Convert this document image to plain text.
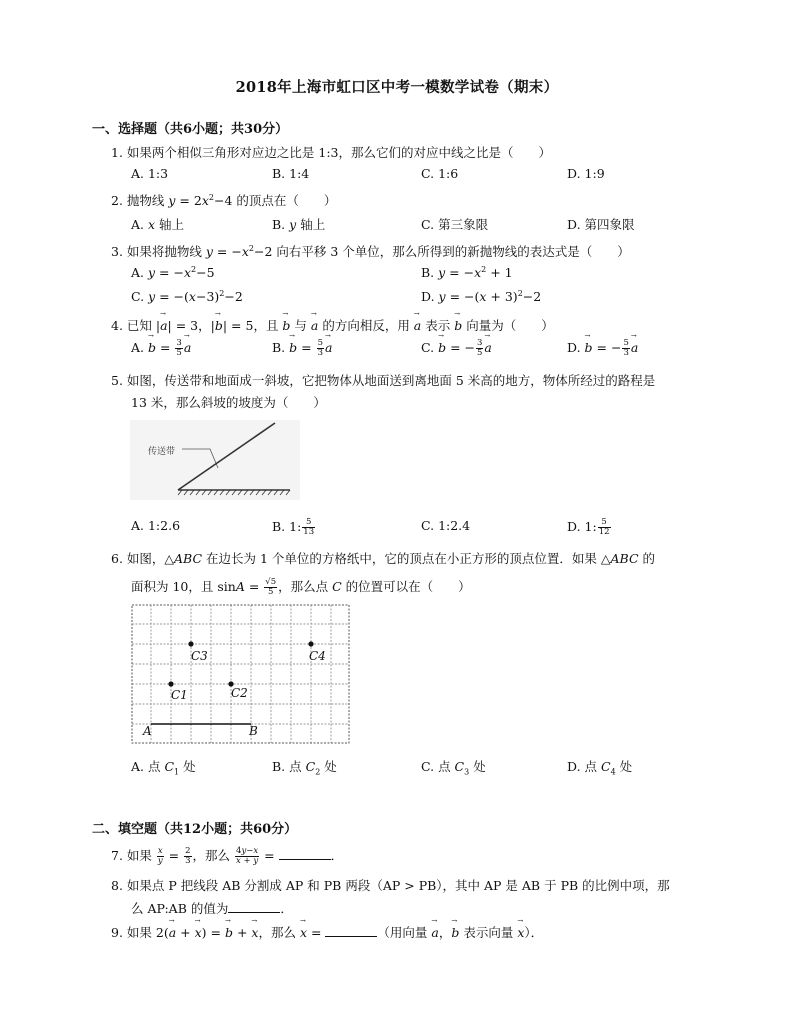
2018年上海市虹口区中考一模数学试卷（期末）
一、选择题（共6小题；共30分）
1. 如果两个相似三角形对应边之比是 1:3，那么它们的对应中线之比是（　　）
A. 1:3	B. 1:4	C. 1:6	D. 1:9
2. 抛物线 $y = 2x^2-4$ 的顶点在（　　）
A. x 轴上	B. y 轴上	C. 第三象限	D. 第四象限
3. 如果将抛物线 $y = -x^2-2$ 向右平移 3 个单位，那么所得到的新抛物线的表达式是（　　）
A. $y = -x^2-5$	B. $y = -x^2 + 1$
C. $y = -(x-3)^2-2$	D. $y = -(x + 3)^2-2$
4. 已知 |→ a| = 3，|→ b| = 5，且 → b 与 → a 的方向相反，用 → a 表示 → b 向量为（　　）
A. → $b = \frac{3}{5}$
→ a	B. → $b = \frac{5}{3}$
→ a	C. → b = − $\frac{3}{5}$
→ a	D. → b = − $\frac{5}{3}$
→ a
5. 如图，传送带和地面成一斜坡，它把物体从地面送到离地面 5 米高的地方，物体所经过的路程是
13 米，那么斜坡的坡度为（　　）
传送带
A. 1:2.6	B. 1: $\frac{5}{13}$	C. 1:2.4	D. 1: $\frac{5}{12}$
6. 如图，△ABC 在边长为 1 个单位的方格纸中，它的顶点在小正方形的顶点位置．如果 △ABC 的
面积为 10，且 $\sin A = \frac{√5}{5}$ ，那么点 C 的位置可以在（　　）
C3	C4
C1	C2
A	B
A. 点 $C_1$ 处	B. 点 $C_2$ 处	C. 点 $C_3$ 处	D. 点 $C_4$ 处
二、填空题（共12小题；共60分）
7. 如果 $\frac{x}{y} = \frac{2}{3}$ ，那么 $\frac{4y-x}{x + y}$ =	．
8. 如果点 P 把线段 AB 分割成 AP 和 PB 两段（AP > PB），其中 AP 是 AB 于 PB 的比例中项，那
么 AP:AB 的值为	．
9. 如果 2(→ a + → x) = → b + → x，那么 → x =	（用向量 → a，→ b 表示向量 → x）．
